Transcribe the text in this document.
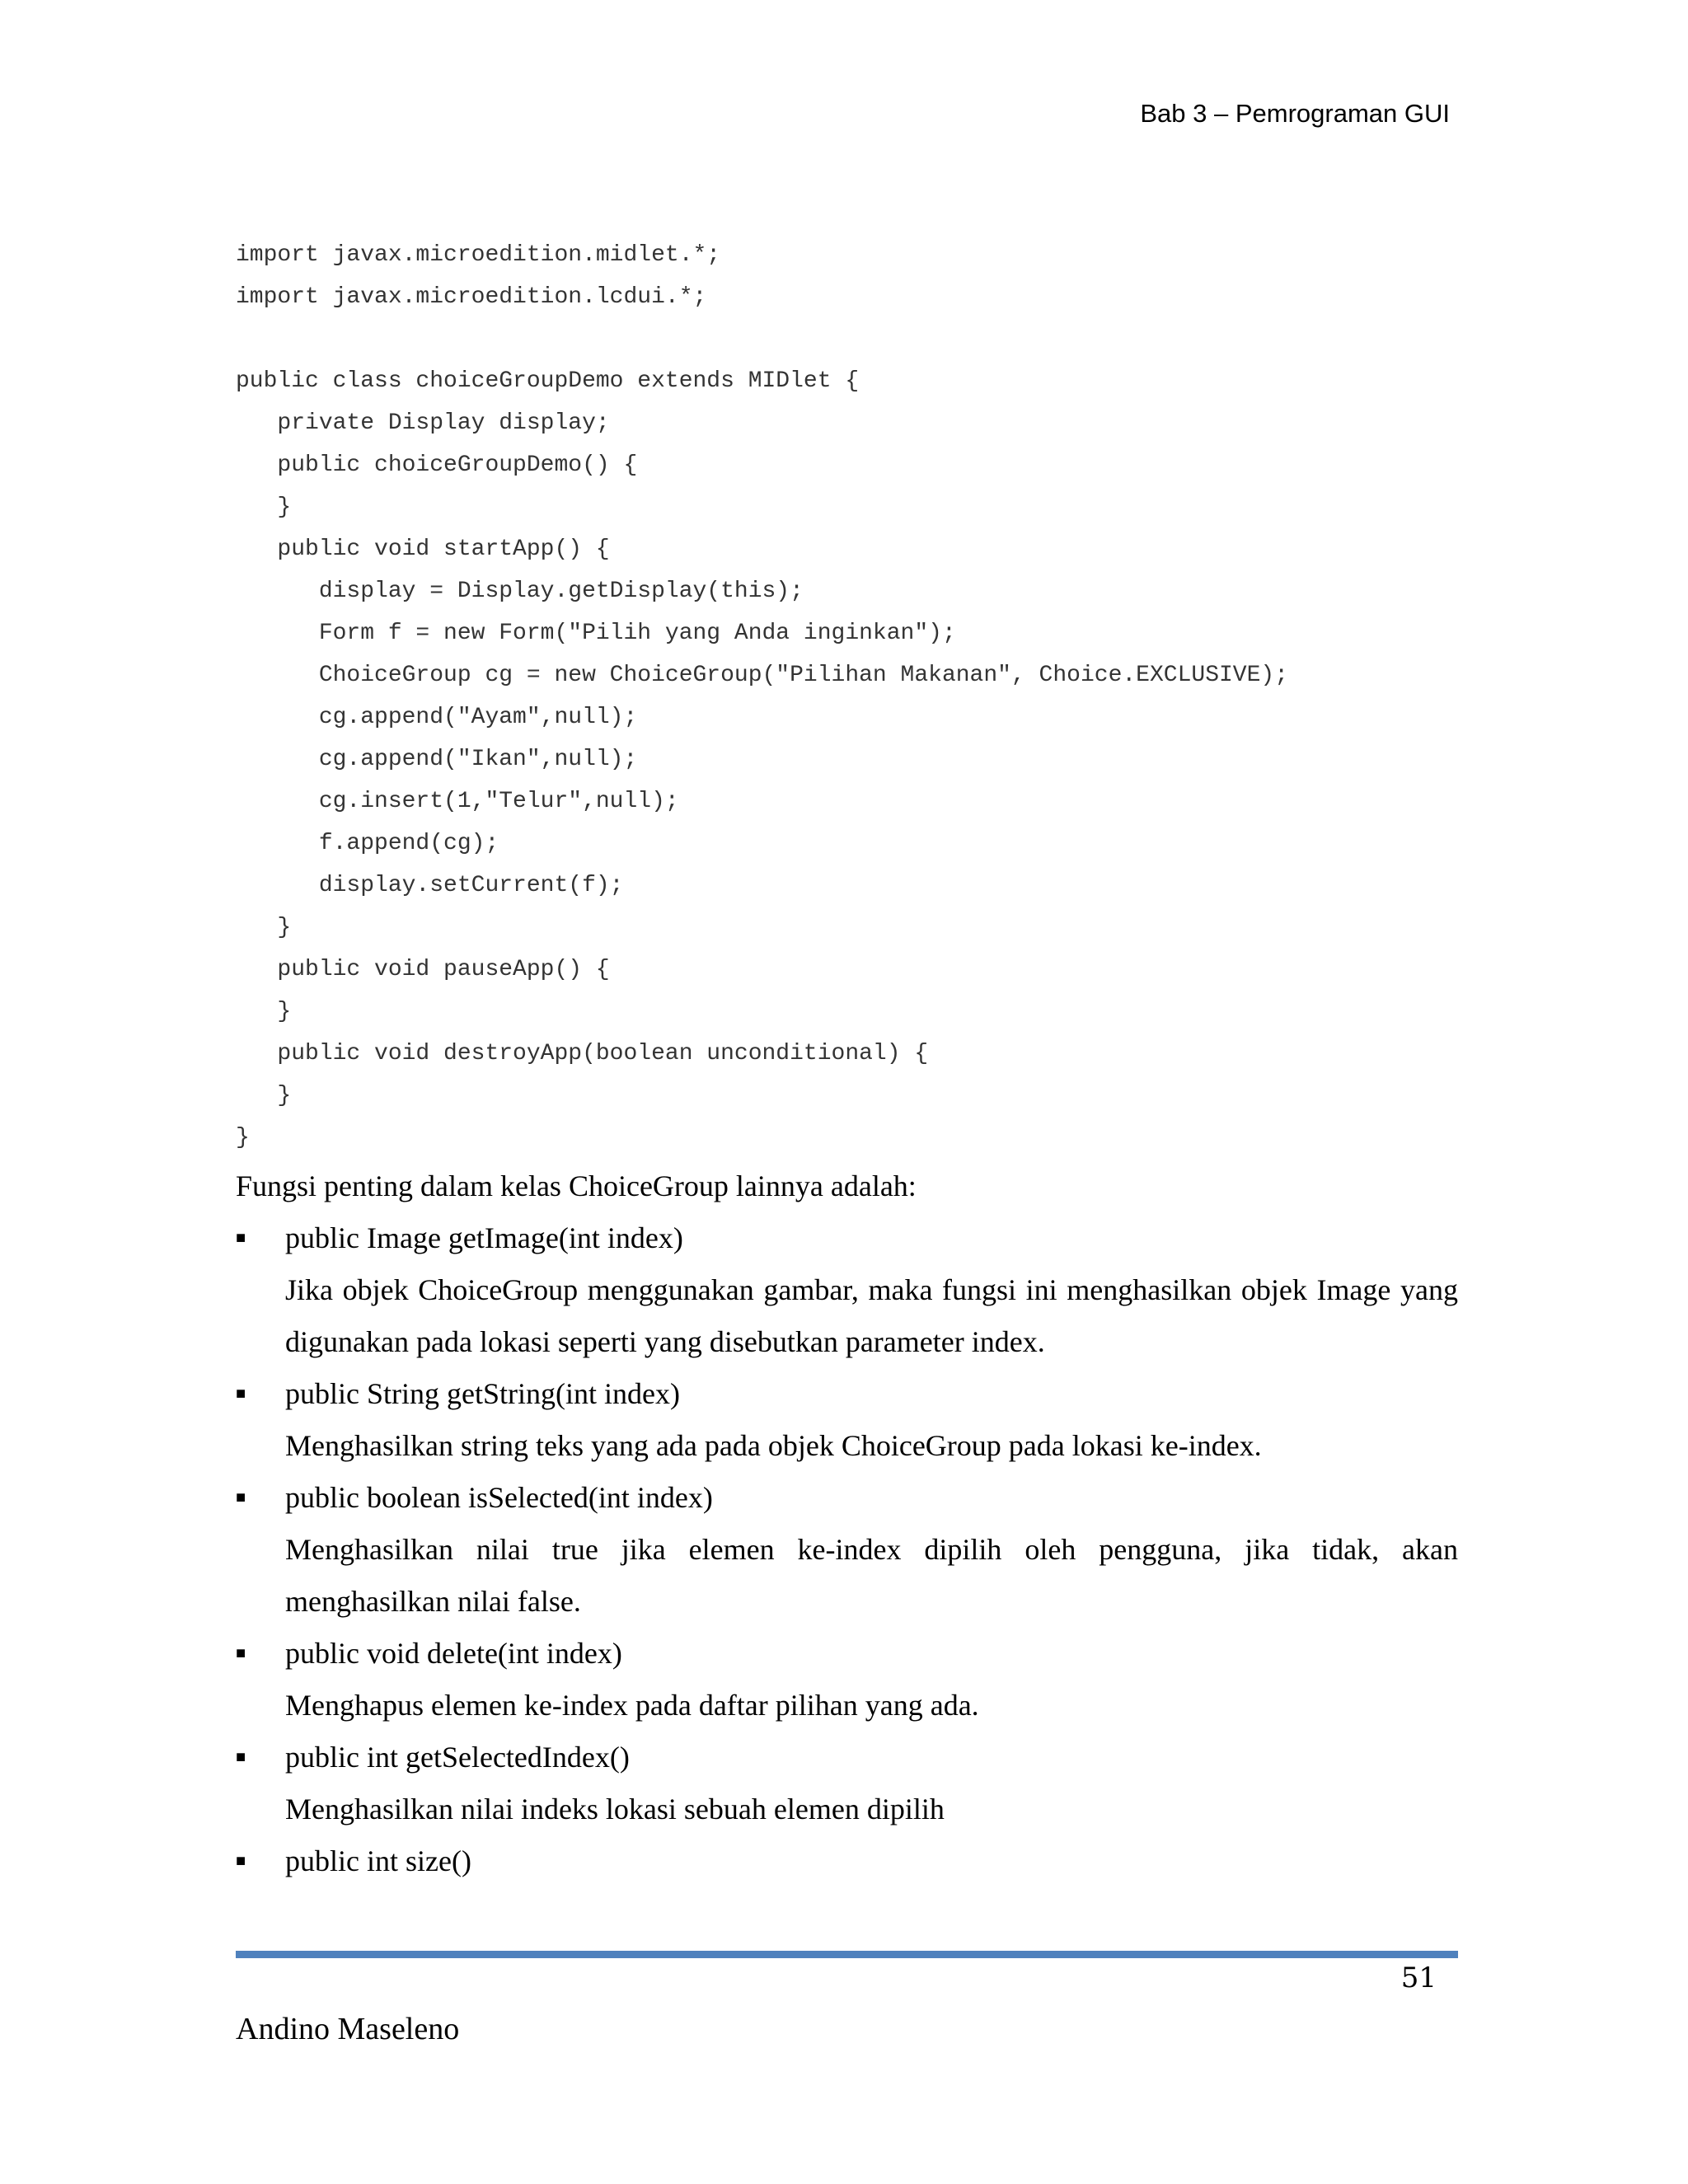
Bab 3 – Pemrograman GUI
import javax.microedition.midlet.*;
import javax.microedition.lcdui.*;
public class choiceGroupDemo extends MIDlet {
private Display display;
public choiceGroupDemo() {
}
public void startApp() {
display = Display.getDisplay(this);
Form f = new Form("Pilih yang Anda inginkan");
ChoiceGroup cg = new ChoiceGroup("Pilihan Makanan", Choice.EXCLUSIVE);
cg.append("Ayam",null);
cg.append("Ikan",null);
cg.insert(1,"Telur",null);
f.append(cg);
display.setCurrent(f);
}
public void pauseApp() {
}
public void destroyApp(boolean unconditional) {
}
}
Fungsi penting dalam kelas ChoiceGroup lainnya adalah:
■	public Image getImage(int index)
Jika objek ChoiceGroup menggunakan gambar, maka fungsi ini menghasilkan objek Image yang digunakan pada lokasi seperti yang disebutkan parameter index.
■	public String getString(int index)
Menghasilkan string teks yang ada pada objek ChoiceGroup pada lokasi ke-index.
■	public boolean isSelected(int index)
Menghasilkan nilai true jika elemen ke-index dipilih oleh pengguna, jika tidak, akan menghasilkan nilai false.
■	public void delete(int index)
Menghapus elemen ke-index pada daftar pilihan yang ada.
■	public int getSelectedIndex()
Menghasilkan nilai indeks lokasi sebuah elemen dipilih
■	public int size()
51
Andino Maseleno
